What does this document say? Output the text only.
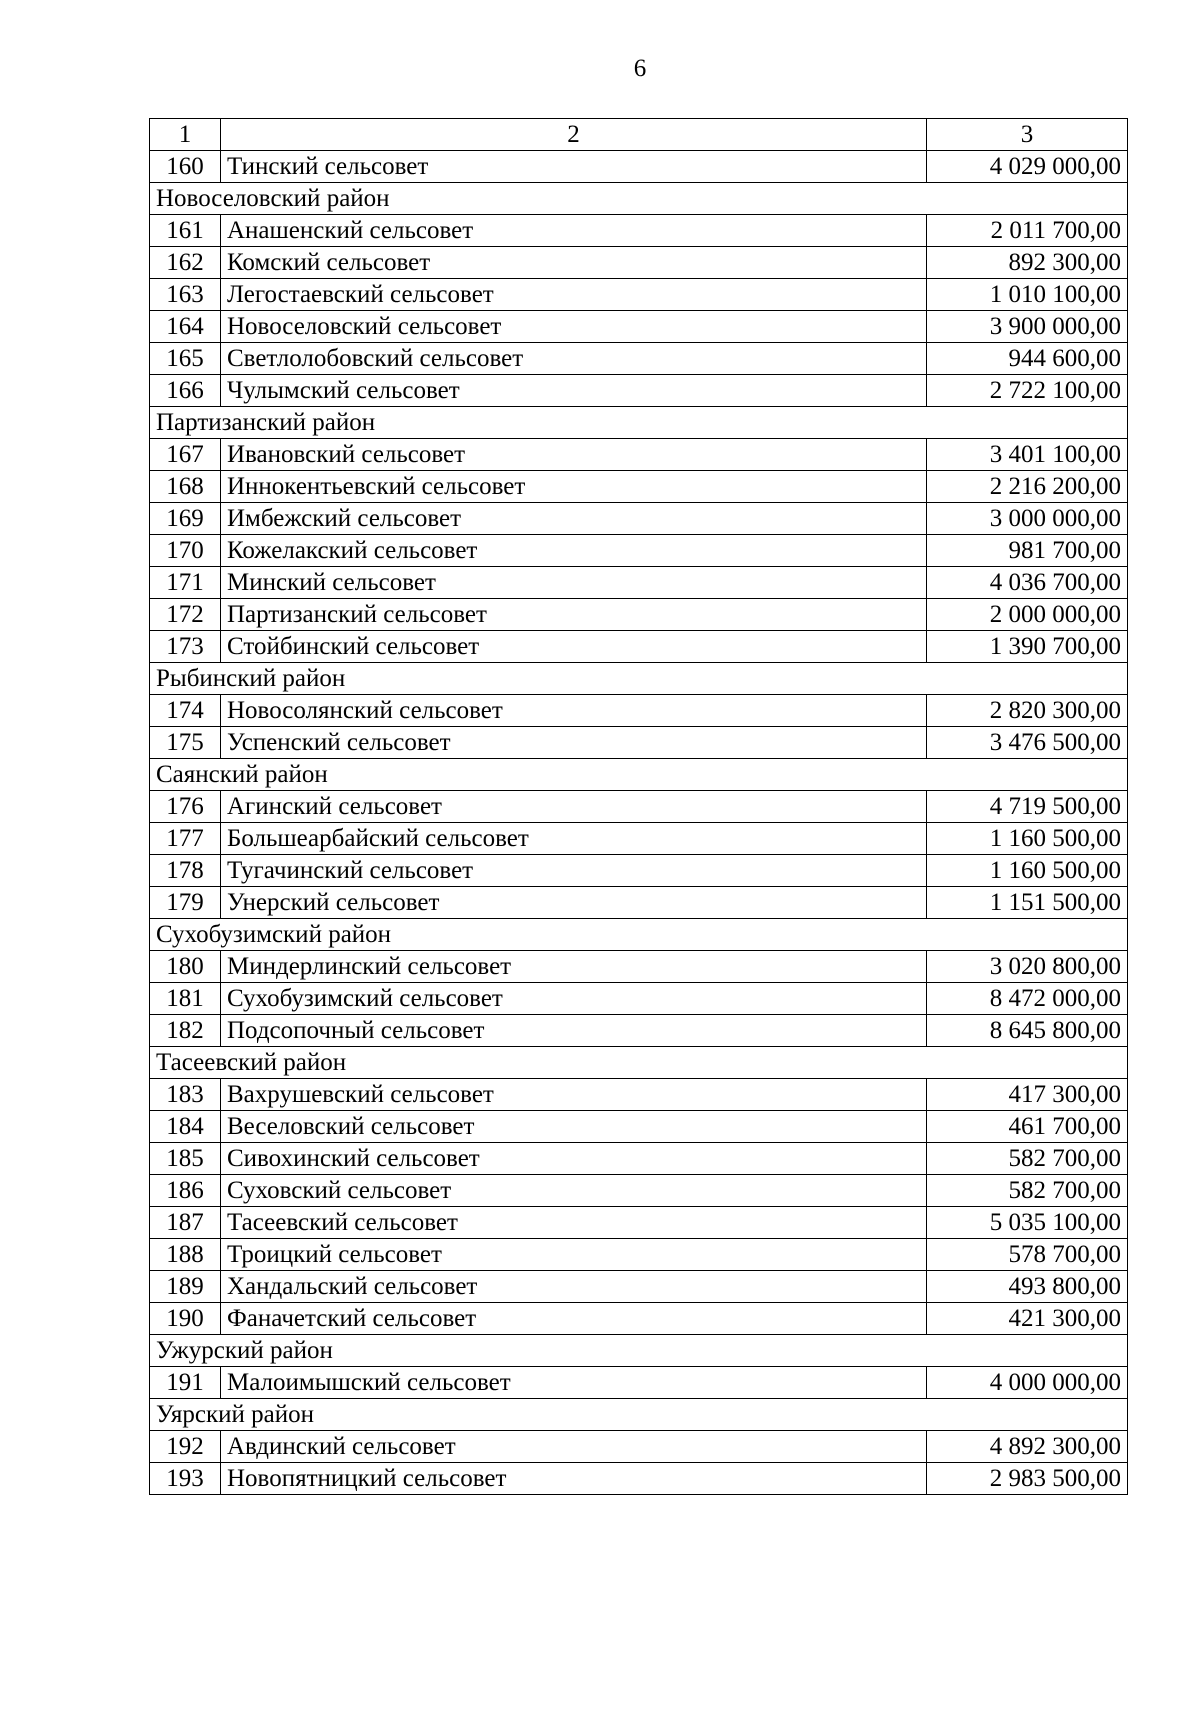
6
1	2	3
160	Тинский сельсовет	4 029 000,00
Новоселовский район		
161	Анашенский сельсовет	2 011 700,00
162	Комский сельсовет	892 300,00
163	Легостаевский сельсовет	1 010 100,00
164	Новоселовский сельсовет	3 900 000,00
165	Светлолобовский сельсовет	944 600,00
166	Чулымский сельсовет	2 722 100,00
Партизанский район		
167	Ивановский сельсовет	3 401 100,00
168	Иннокентьевский сельсовет	2 216 200,00
169	Имбежский сельсовет	3 000 000,00
170	Кожелакский сельсовет	981 700,00
171	Минский сельсовет	4 036 700,00
172	Партизанский сельсовет	2 000 000,00
173	Стойбинский сельсовет	1 390 700,00
Рыбинский район		
174	Новосолянский сельсовет	2 820 300,00
175	Успенский сельсовет	3 476 500,00
Саянский район		
176	Агинский сельсовет	4 719 500,00
177	Большеарбайский сельсовет	1 160 500,00
178	Тугачинский сельсовет	1 160 500,00
179	Унерский сельсовет	1 151 500,00
Сухобузимский район		
180	Миндерлинский сельсовет	3 020 800,00
181	Сухобузимский сельсовет	8 472 000,00
182	Подсопочный сельсовет	8 645 800,00
Тасеевский район		
183	Вахрушевский сельсовет	417 300,00
184	Веселовский сельсовет	461 700,00
185	Сивохинский сельсовет	582 700,00
186	Суховский сельсовет	582 700,00
187	Тасеевский сельсовет	5 035 100,00
188	Троицкий сельсовет	578 700,00
189	Хандальский сельсовет	493 800,00
190	Фаначетский сельсовет	421 300,00
Ужурский район		
191	Малоимышский сельсовет	4 000 000,00
Уярский район		
192	Авдинский сельсовет	4 892 300,00
193	Новопятницкий сельсовет	2 983 500,00
